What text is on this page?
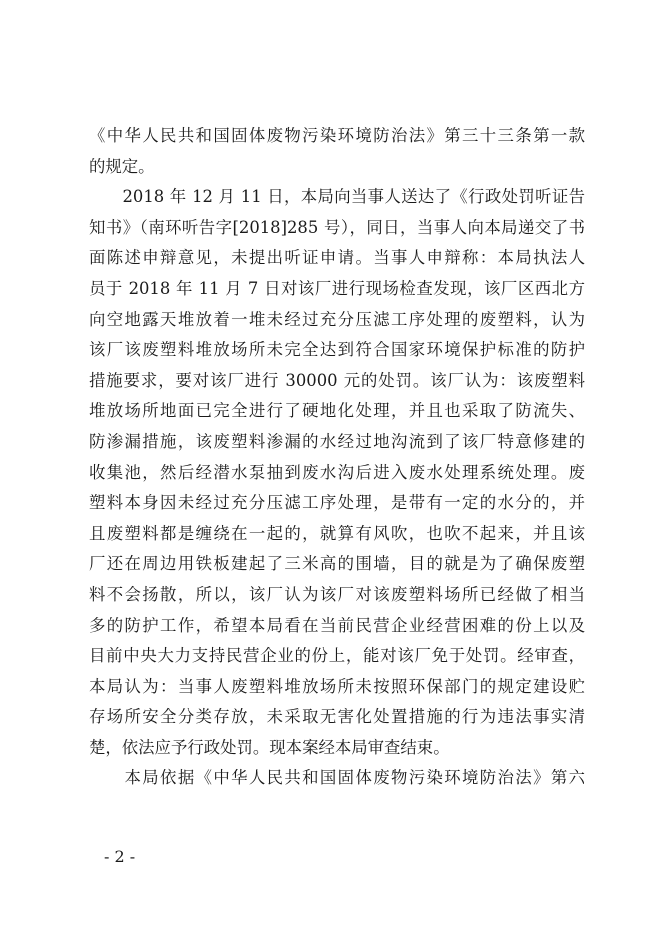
《中华人民共和国固体废物污染环境防治法》第三十三条第一款
的规定。
　　2018 年 12 月 11 日，本局向当事人送达了《行政处罚听证告
知书》（南环听告字[2018]285 号），同日，当事人向本局递交了书
面陈述申辩意见，未提出听证申请。当事人申辩称：本局执法人
员于 2018 年 11 月 7 日对该厂进行现场检查发现，该厂区西北方
向空地露天堆放着一堆未经过充分压滤工序处理的废塑料，认为
该厂该废塑料堆放场所未完全达到符合国家环境保护标准的防护
措施要求，要对该厂进行 30000 元的处罚。该厂认为：该废塑料
堆放场所地面已完全进行了硬地化处理，并且也采取了防流失、
防渗漏措施，该废塑料渗漏的水经过地沟流到了该厂特意修建的
收集池，然后经潜水泵抽到废水沟后进入废水处理系统处理。废
塑料本身因未经过充分压滤工序处理，是带有一定的水分的，并
且废塑料都是缠绕在一起的，就算有风吹，也吹不起来，并且该
厂还在周边用铁板建起了三米高的围墙，目的就是为了确保废塑
料不会扬散，所以，该厂认为该厂对该废塑料场所已经做了相当
多的防护工作，希望本局看在当前民营企业经营困难的份上以及
目前中央大力支持民营企业的份上，能对该厂免于处罚。经审查，
本局认为：当事人废塑料堆放场所未按照环保部门的规定建设贮
存场所安全分类存放，未采取无害化处置措施的行为违法事实清
楚，依法应予行政处罚。现本案经本局审查结束。
　　本局依据《中华人民共和国固体废物污染环境防治法》第六
- 2 -
